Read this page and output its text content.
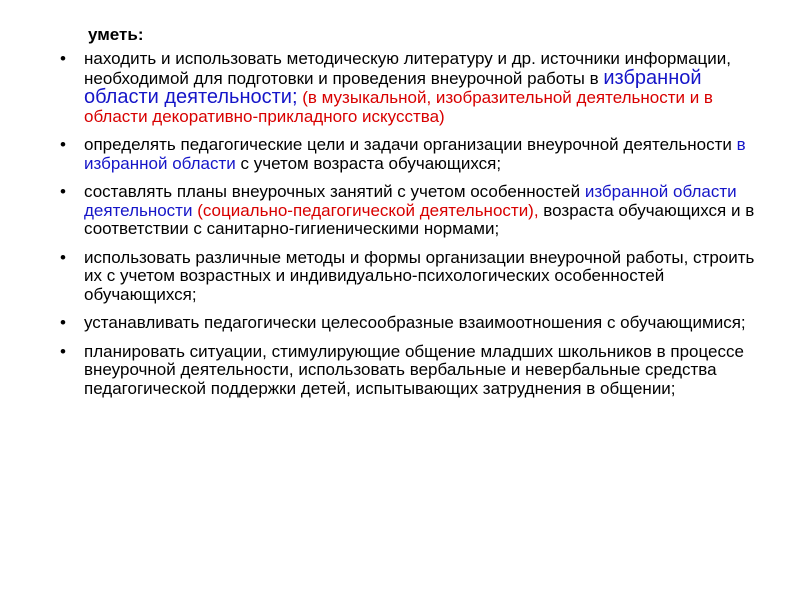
уметь:

• находить и использовать методическую литературу и др. источники информации, необходимой для подготовки и проведения внеурочной работы в избранной области деятельности; (в музыкальной, изобразительной деятельности и в области декоративно-прикладного искусства)
• определять педагогические цели и задачи организации внеурочной деятельности в избранной области с учетом возраста обучающихся;
• составлять планы внеурочных занятий с учетом особенностей избранной области деятельности (социально-педагогической деятельности), возраста обучающихся и в соответствии с санитарно-гигиеническими нормами;
• использовать различные методы и формы организации внеурочной работы, строить их с учетом возрастных и индивидуально-психологических особенностей обучающихся;
• устанавливать педагогически целесообразные взаимоотношения с обучающимися;
• планировать ситуации, стимулирующие общение младших школьников в процессе внеурочной деятельности, использовать вербальные и невербальные средства педагогической поддержки детей, испытывающих затруднения в общении;
